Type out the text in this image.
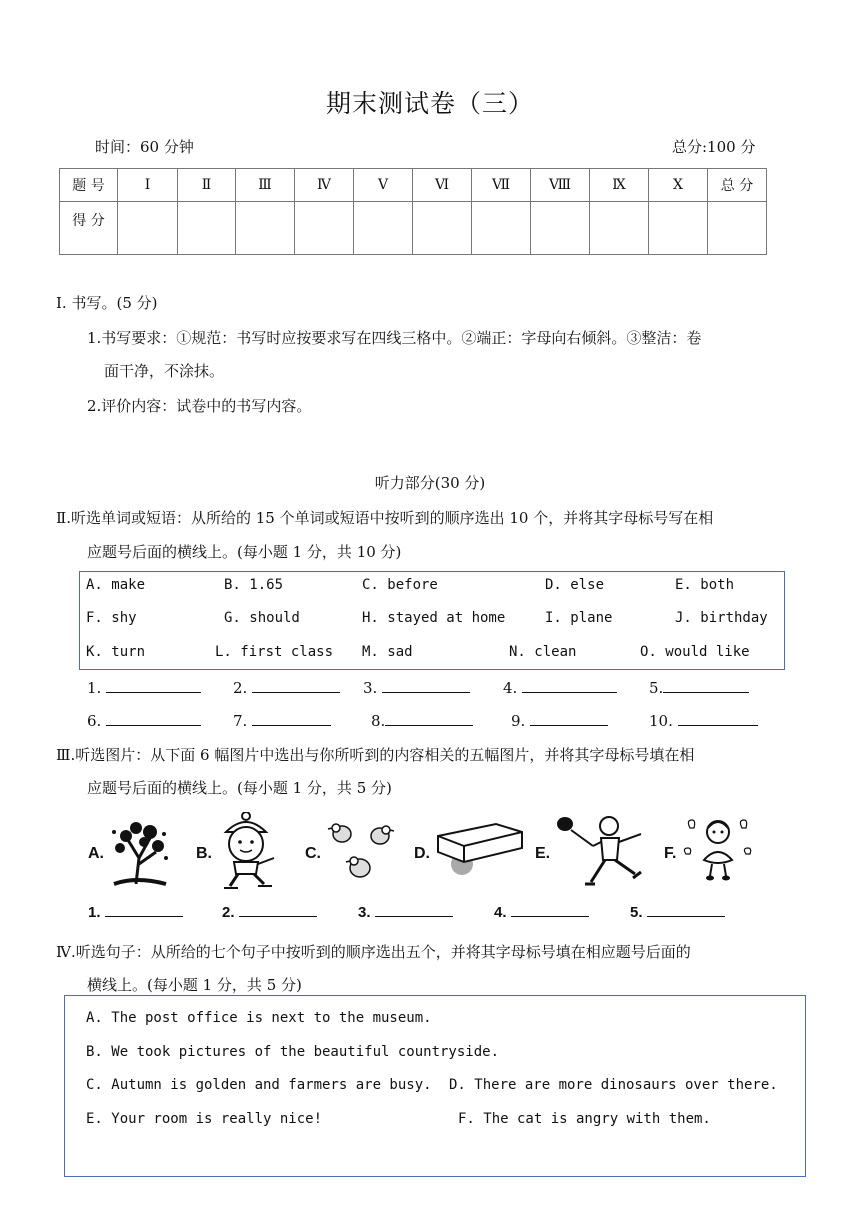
期末测试卷（三）
时间：60 分钟	总分:100 分
题 号	Ⅰ	Ⅱ	Ⅲ	Ⅳ	Ⅴ	Ⅵ	Ⅶ	Ⅷ	Ⅸ	Ⅹ	总 分
得 分											
Ⅰ. 书写。(5 分)
1.书写要求：①规范：书写时应按要求写在四线三格中。②端正：字母向右倾斜。③整洁：卷
面干净，不涂抹。
2.评价内容：试卷中的书写内容。
听力部分(30 分)
Ⅱ.听选单词或短语：从所给的 15 个单词或短语中按听到的顺序选出 10 个，并将其字母标号写在相
应题号后面的横线上。(每小题 1 分，共 10 分)
A. make	B. 1.65	C. before	D. else	E. both
F. shy	G. should	H. stayed at home	I. plane	J. birthday
K. turn	L. first class M. sad	N. clean	O. would like
1.	2.	3.	4.	5.
6.	7.	8.	9.	10.
Ⅲ.听选图片：从下面 6 幅图片中选出与你所听到的内容相关的五幅图片，并将其字母标号填在相
应题号后面的横线上。(每小题 1 分，共 5 分)
A.	B.	C.	D.	E.	F.
1.	2.	3.	4.	5.
Ⅳ.听选句子：从所给的七个句子中按听到的顺序选出五个，并将其字母标号填在相应题号后面的
横线上。(每小题 1 分，共 5 分)
A. The post office is next to the museum.
B. We took pictures of the beautiful countryside.
C. Autumn is golden and farmers are busy. D. There are more dinosaurs over there.
E. Your room is really nice!	F. The cat is angry with them.
